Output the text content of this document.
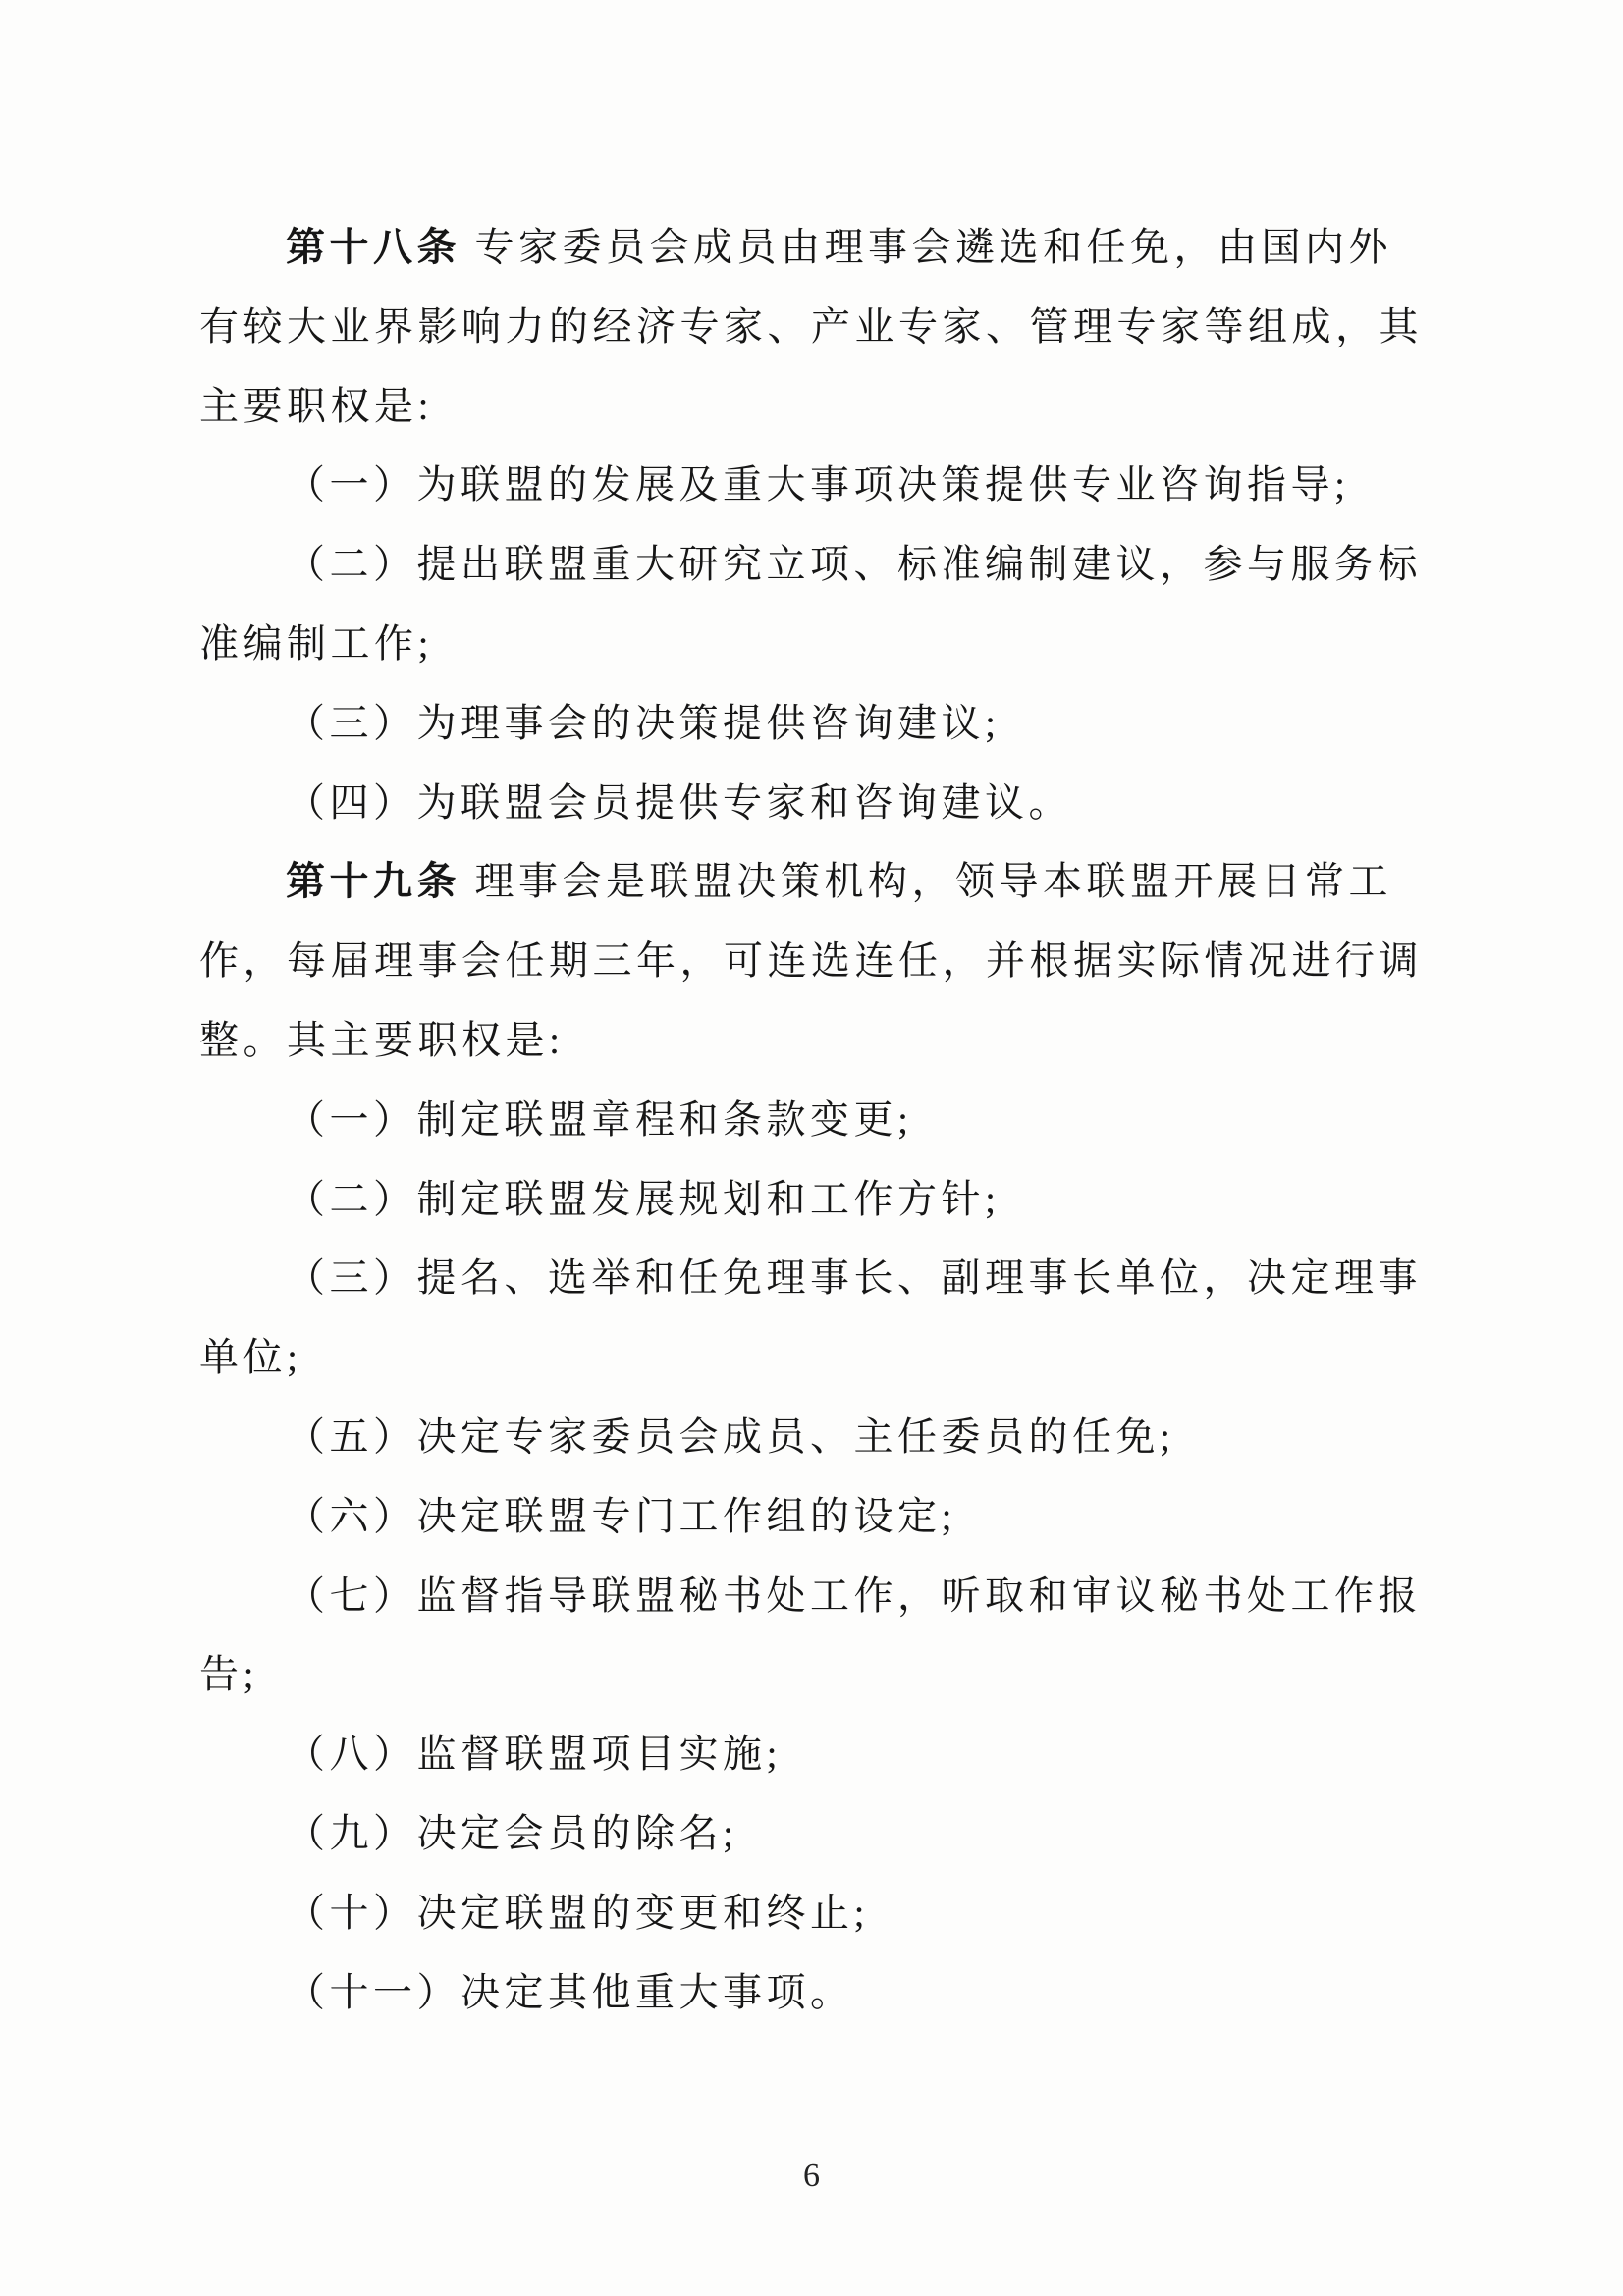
第十八条 专家委员会成员由理事会遴选和任免，由国内外
有较大业界影响力的经济专家、产业专家、管理专家等组成，其
主要职权是:
（一）为联盟的发展及重大事项决策提供专业咨询指导;
（二）提出联盟重大研究立项、标准编制建议，参与服务标
准编制工作;
（三）为理事会的决策提供咨询建议;
（四）为联盟会员提供专家和咨询建议。
第十九条 理事会是联盟决策机构，领导本联盟开展日常工
作，每届理事会任期三年，可连选连任，并根据实际情况进行调
整。其主要职权是:
（一）制定联盟章程和条款变更;
（二）制定联盟发展规划和工作方针;
（三）提名、选举和任免理事长、副理事长单位，决定理事
单位;
（五）决定专家委员会成员、主任委员的任免;
（六）决定联盟专门工作组的设定;
（七）监督指导联盟秘书处工作，听取和审议秘书处工作报
告;
（八）监督联盟项目实施;
（九）决定会员的除名;
（十）决定联盟的变更和终止;
（十一）决定其他重大事项。
6
